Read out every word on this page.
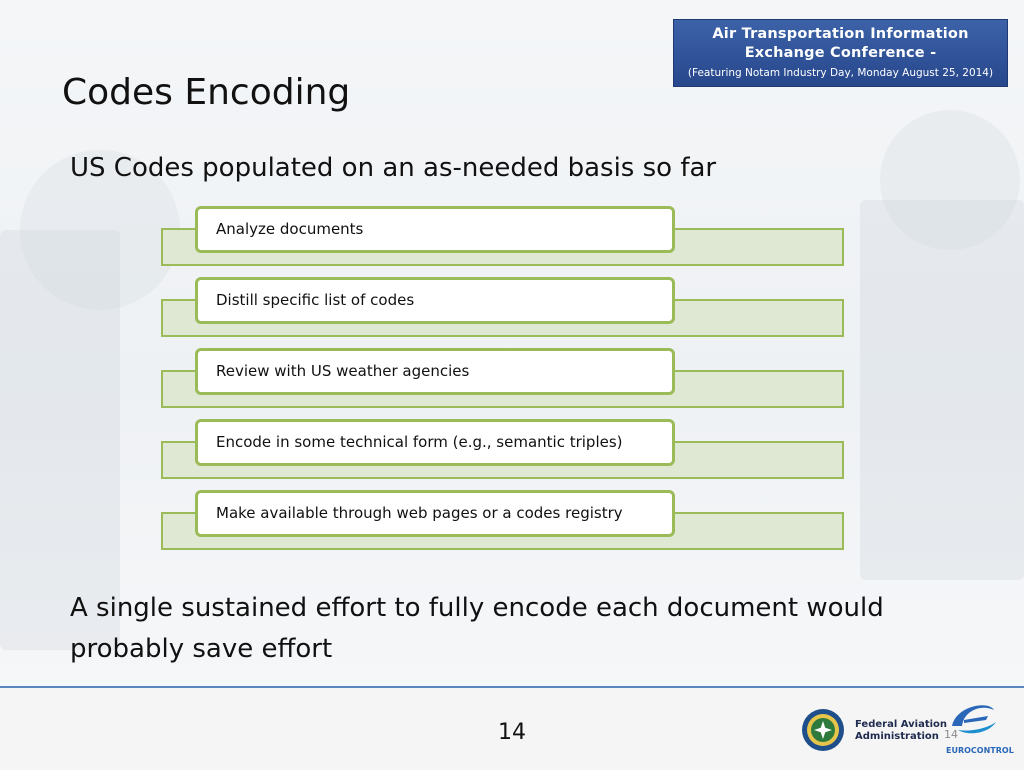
Air Transportation Information
Exchange Conference -
(Featuring Notam Industry Day, Monday August 25, 2014)
Codes Encoding
US Codes populated on an as-needed basis so far
Analyze documents
Distill specific list of codes
Review with US weather agencies
Encode in some technical form (e.g., semantic triples)
Make available through web pages or a codes registry
A single sustained effort to fully encode each document would probably save effort
14	Federal Aviation
Administration 14
EUROCONTROL
